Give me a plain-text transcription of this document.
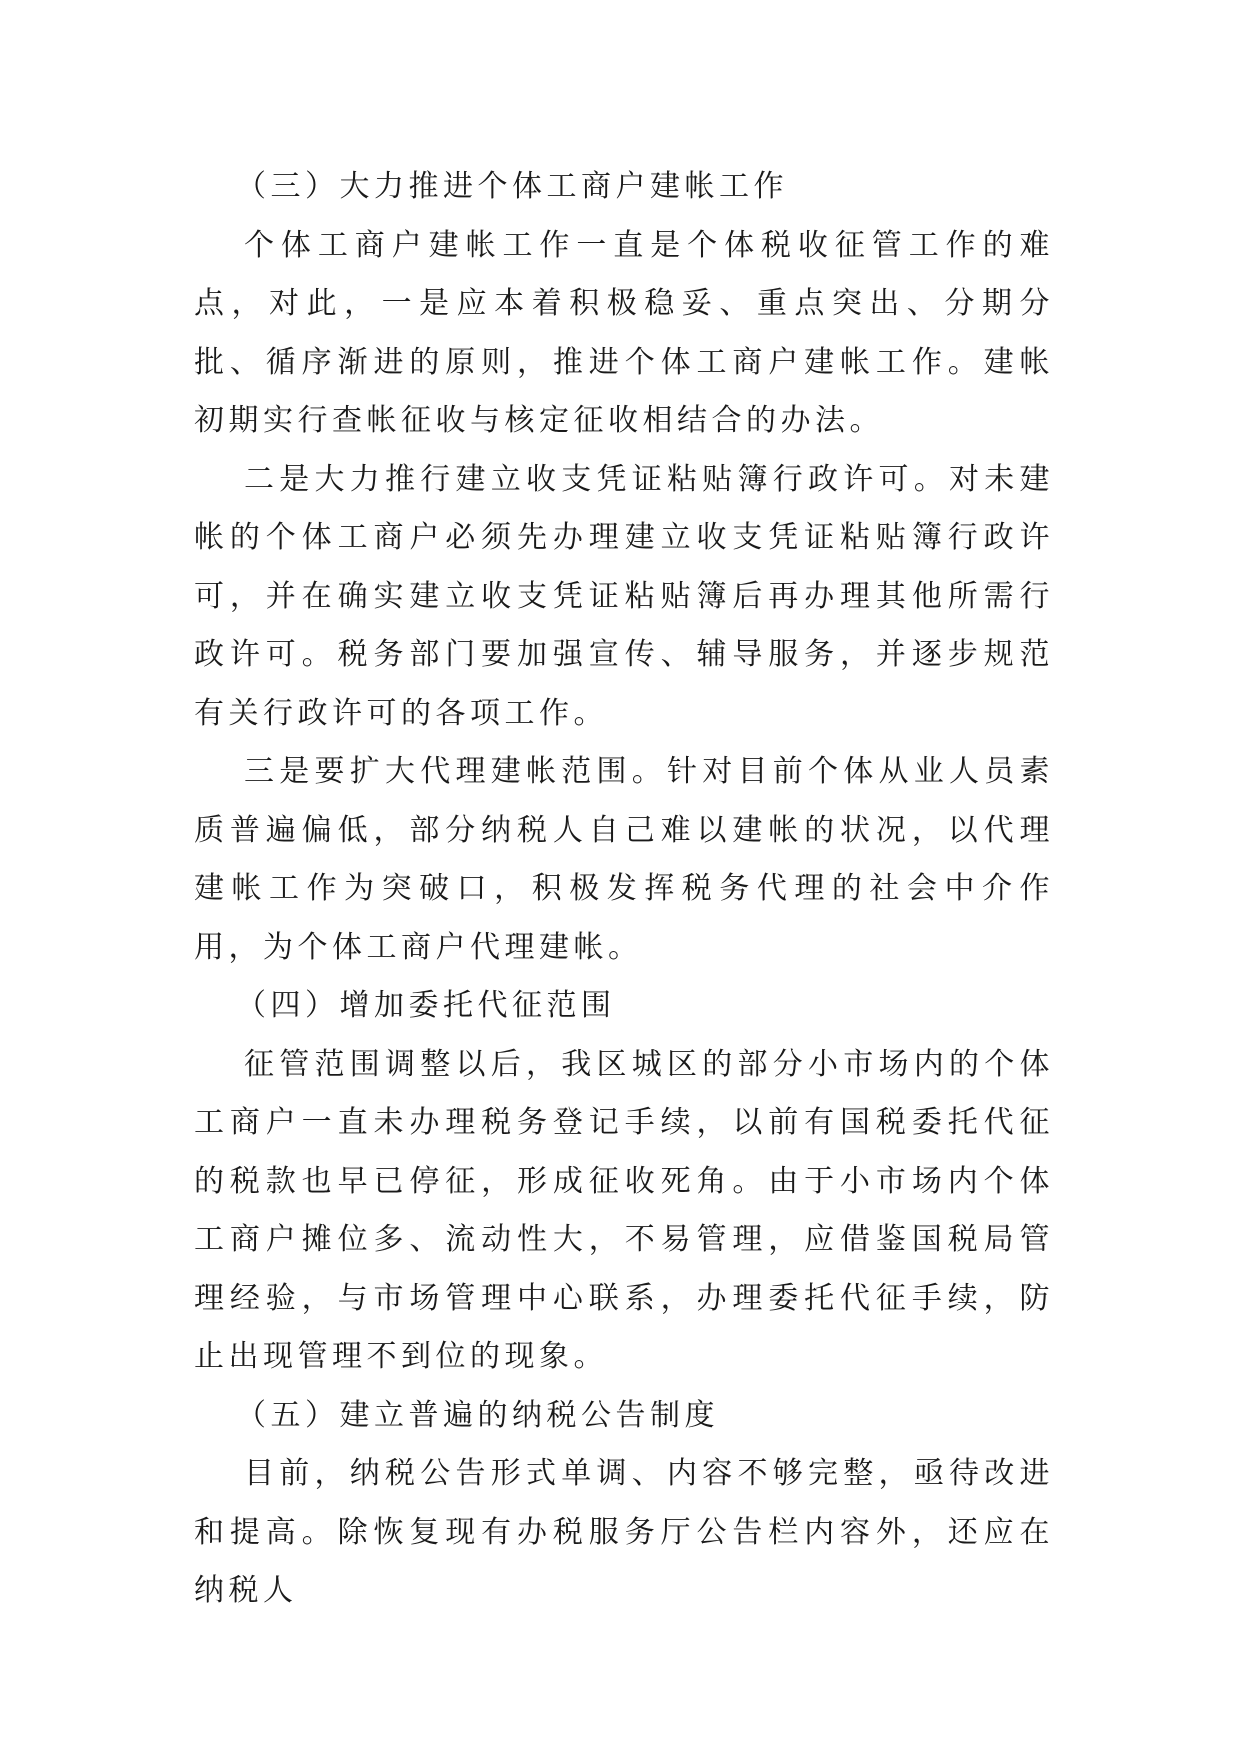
（三）大力推进个体工商户建帐工作

个体工商户建帐工作一直是个体税收征管工作的难点，对此，一是应本着积极稳妥、重点突出、分期分批、循序渐进的原则，推进个体工商户建帐工作。建帐初期实行查帐征收与核定征收相结合的办法。

二是大力推行建立收支凭证粘贴簿行政许可。对未建帐的个体工商户必须先办理建立收支凭证粘贴簿行政许可，并在确实建立收支凭证粘贴簿后再办理其他所需行政许可。税务部门要加强宣传、辅导服务，并逐步规范有关行政许可的各项工作。

三是要扩大代理建帐范围。针对目前个体从业人员素质普遍偏低，部分纳税人自己难以建帐的状况，以代理建帐工作为突破口，积极发挥税务代理的社会中介作用，为个体工商户代理建帐。

（四）增加委托代征范围

征管范围调整以后，我区城区的部分小市场内的个体工商户一直未办理税务登记手续，以前有国税委托代征的税款也早已停征，形成征收死角。由于小市场内个体工商户摊位多、流动性大，不易管理，应借鉴国税局管理经验，与市场管理中心联系，办理委托代征手续，防止出现管理不到位的现象。

（五）建立普遍的纳税公告制度

目前，纳税公告形式单调、内容不够完整，亟待改进和提高。除恢复现有办税服务厅公告栏内容外，还应在纳税人
